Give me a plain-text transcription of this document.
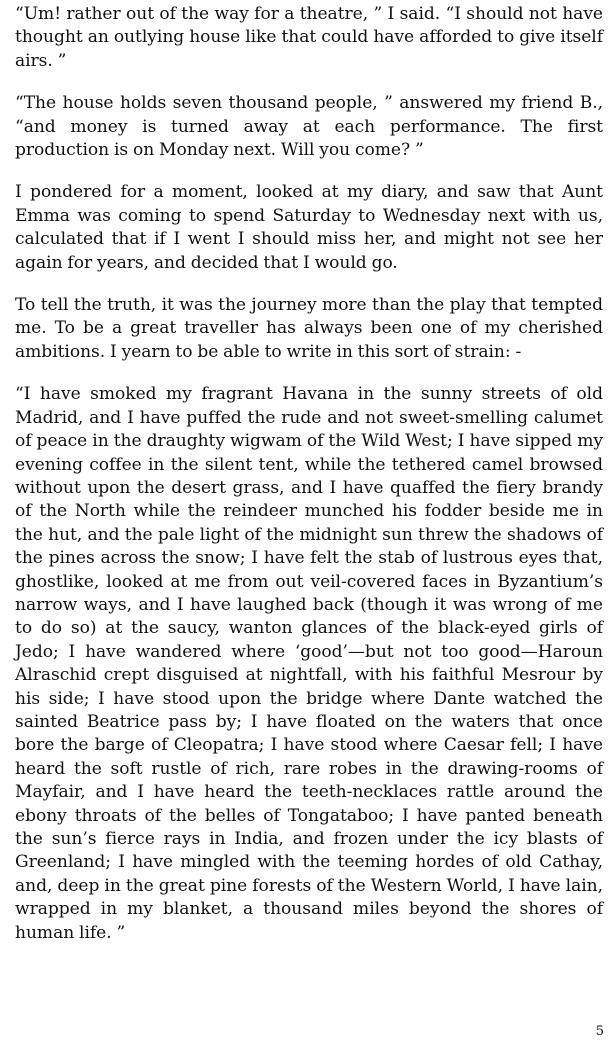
“Um! rather out of the way for a theatre, ” I said. “I should not have thought an outlying house like that could have afforded to give itself airs. ”

“The house holds seven thousand people, ” answered my friend B., “and money is turned away at each performance. The first production is on Monday next. Will you come? ”

I pondered for a moment, looked at my diary, and saw that Aunt Emma was coming to spend Saturday to Wednesday next with us, calculated that if I went I should miss her, and might not see her again for years, and decided that I would go.

To tell the truth, it was the journey more than the play that tempted me. To be a great traveller has always been one of my cherished ambitions. I yearn to be able to write in this sort of strain: -

“I have smoked my fragrant Havana in the sunny streets of old Madrid, and I have puffed the rude and not sweet-smelling calumet of peace in the draughty wigwam of the Wild West; I have sipped my evening coffee in the silent tent, while the tethered camel browsed without upon the desert grass, and I have quaffed the fiery brandy of the North while the reindeer munched his fodder beside me in the hut, and the pale light of the midnight sun threw the shadows of the pines across the snow; I have felt the stab of lustrous eyes that, ghostlike, looked at me from out veil-covered faces in Byzantium’s narrow ways, and I have laughed back (though it was wrong of me to do so) at the saucy, wanton glances of the black-eyed girls of Jedo; I have wandered where ‘good’—but not too good—Haroun Alraschid crept disguised at nightfall, with his faithful Mesrour by his side; I have stood upon the bridge where Dante watched the sainted Beatrice pass by; I have floated on the waters that once bore the barge of Cleopatra; I have stood where Caesar fell; I have heard the soft rustle of rich, rare robes in the drawing-rooms of Mayfair, and I have heard the teeth-necklaces rattle around the ebony throats of the belles of Tongataboo; I have panted beneath the sun’s fierce rays in India, and frozen under the icy blasts of Greenland; I have mingled with the teeming hordes of old Cathay, and, deep in the great pine forests of the Western World, I have lain, wrapped in my blanket, a thousand miles beyond the shores of human life. ”

5
